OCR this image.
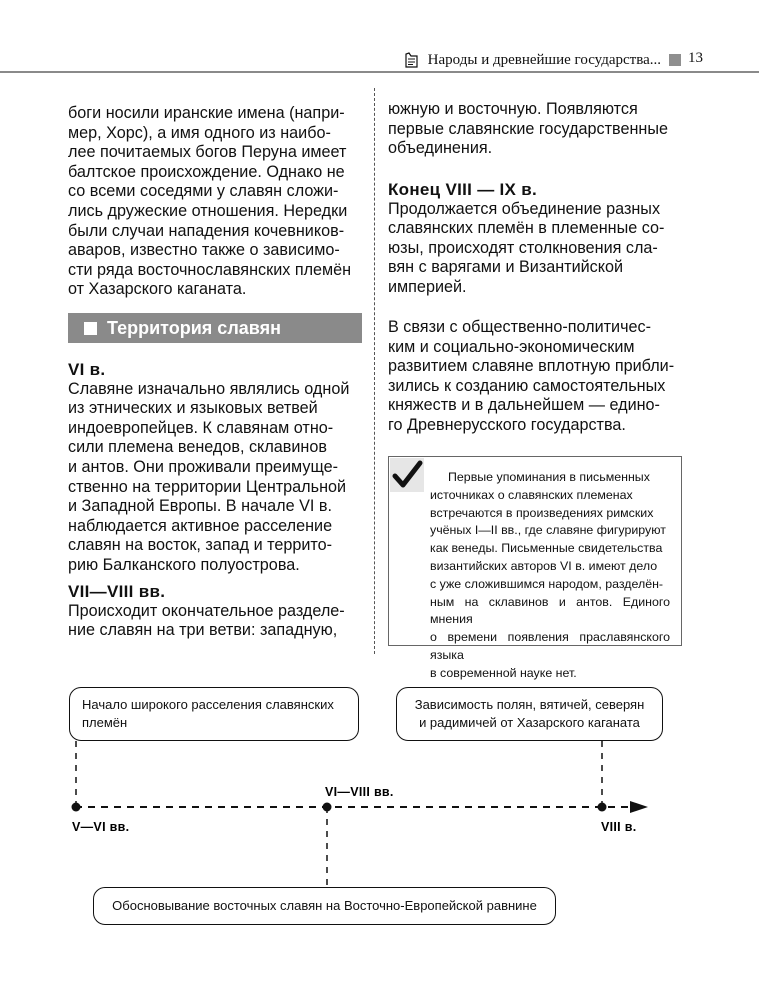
Народы и древнейшие государства... 13

боги носили иранские имена (напри-

мер, Хорс), а имя одного из наибо-

лее почитаемых богов Перуна имеет

балтское происхождение. Однако не

со всеми соседями у славян сложи-

лись дружеские отношения. Нередки

были случаи нападения кочевников-

аваров, известно также о зависимо-

сти ряда восточнославянских племён

от Хазарского каганата.

Территория славян

VI в.

Славяне изначально являлись одной

из этнических и языковых ветвей

индоевропейцев. К славянам отно-

сили племена венедов, склавинов

и антов. Они проживали преимуще-

ственно на территории Центральной

и Западной Европы. В начале VI в.

наблюдается активное расселение

славян на восток, запад и террито-

рию Балканского полуострова.

VII—VIII вв.

Происходит окончательное разделе-

ние славян на три ветви: западную,

южную и восточную. Появляются

первые славянские государственные

объединения.

Конец VIII — IX в.

Продолжается объединение разных

славянских племён в племенные со-

юзы, происходят столкновения сла-

вян с варягами и Византийской

империей.

В связи с общественно-политичес-

ким и социально-экономическим

развитием славяне вплотную прибли-

зились к созданию самостоятельных

княжеств и в дальнейшем — едино-

го Древнерусского государства.

Первые упоминания в письменных

источниках о славянских племенах

встречаются в произведениях римских

учёных I—II вв., где славяне фигурируют

как венеды. Письменные свидетельства

византийских авторов VI в. имеют дело

с уже сложившимся народом, разделён-

ным на склавинов и антов. Единого мнения

о времени появления праславянского языка

в современной науке нет.

V—VI вв.
VI—VIII вв.
VIII в.
Начало широкого расселения славянских
племён
Зависимость полян, вятичей, северян
и радимичей от Хазарского каганата
Обосновывание восточных славян на Восточно-Европейской равнине
